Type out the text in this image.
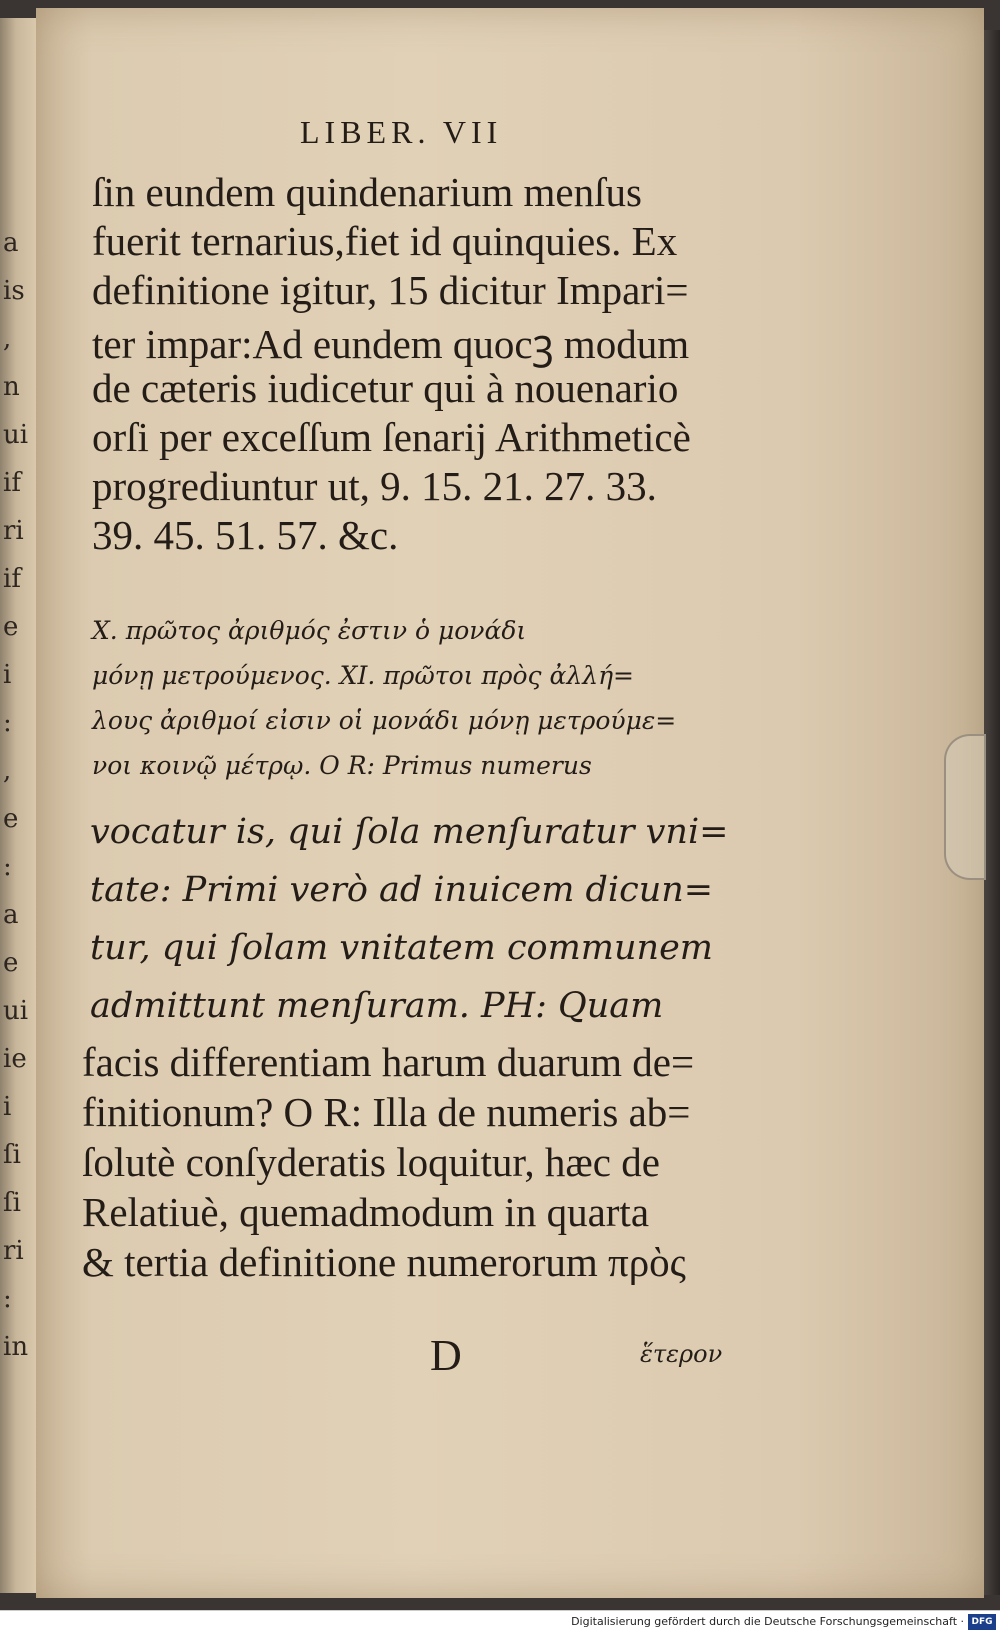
a
is
,
n
ui
if
ri
if
e
i
:
,
e
:
a
e
ui
ie
i
ſi
ſi
ri
:
in
LIBER. VII
ſin eundem quindenarium menſus
fuerit ternarius,fiet id quinquies. Ex
definitione igitur, 15 dicitur Impari=
ter impar:Ad eundem quocꝫ modum
de cæteris iudicetur qui à nouenario
orſi per exceſſum ſenarij Arithmeticè
progrediuntur ut, 9. 15. 21. 27. 33.
39. 45. 51. 57. &c.
X. πρῶτος ἀριθμός ἐστιν ὁ μονάδι
μόνῃ μετρούμενος. XI. πρῶτοι πρὸς ἀλλή=
λους ἀριθμοί εἰσιν οἱ μονάδι μόνῃ μετρούμε=
νοι κοινῷ μέτρῳ. O R: Primus numerus
vocatur is, qui ſola menſuratur vni=
tate: Primi verò ad inuicem dicun=
tur, qui ſolam vnitatem communem
admittunt menſuram. PH: Quam
facis differentiam harum duarum de=
finitionum? O R: Illa de numeris ab=
ſolutè conſyderatis loquitur, hæc de
Relatiuè, quemadmodum in quarta
& tertia definitione numerorum πρὸς
D	ἕτερον
Digitalisierung gefördert durch die Deutsche Forschungsgemeinschaft · DFG
